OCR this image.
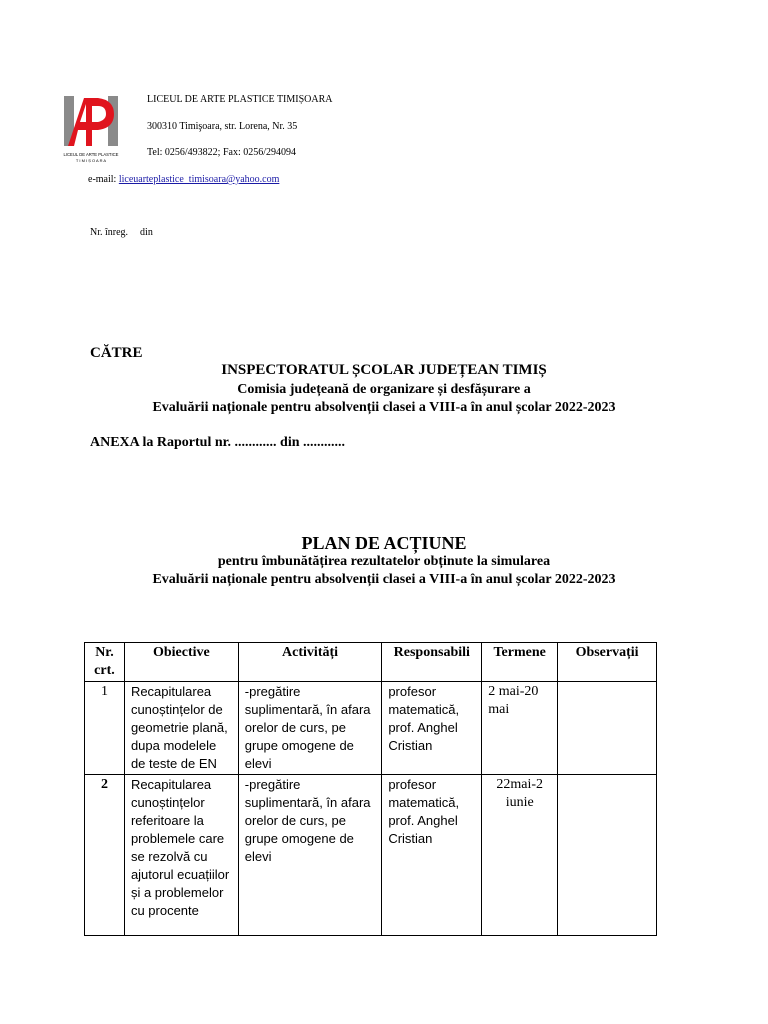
LICEUL DE ARTE PLASTICE
T I M I Ș O A R A
LICEUL DE ARTE PLASTICE TIMIȘOARA
300310 Timişoara, str. Lorena, Nr. 35
Tel: 0256/493822; Fax: 0256/294094
e-mail: liceuarteplastice_timisoara@yahoo.com
Nr. înreg. din
CĂTRE
INSPECTORATUL ȘCOLAR JUDEȚEAN TIMIȘ
Comisia județeană de organizare și desfășurare a
Evaluării naționale pentru absolvenții clasei a VIII-a în anul școlar 2022-2023
ANEXA la Raportul nr. ............ din ............
PLAN DE ACȚIUNE
pentru îmbunătățirea rezultatelor obținute la simularea
Evaluării naționale pentru absolvenții clasei a VIII-a în anul școlar 2022-2023
Nr. crt.	Obiective	Activități	Responsabili	Termene	Observații
1	Recapitularea cunoștințelor de geometrie plană, dupa modelele de teste de EN	-pregătire suplimentară, în afara orelor de curs, pe grupe omogene de elevi	profesor matematică, prof. Anghel Cristian	2 mai-20 mai	
2	Recapitularea cunoștințelor referitoare la problemele care se rezolvă cu ajutorul ecuațiilor și a problemelor cu procente	-pregătire suplimentară, în afara orelor de curs, pe grupe omogene de elevi	profesor matematică, prof. Anghel Cristian	22mai-2 iunie	
